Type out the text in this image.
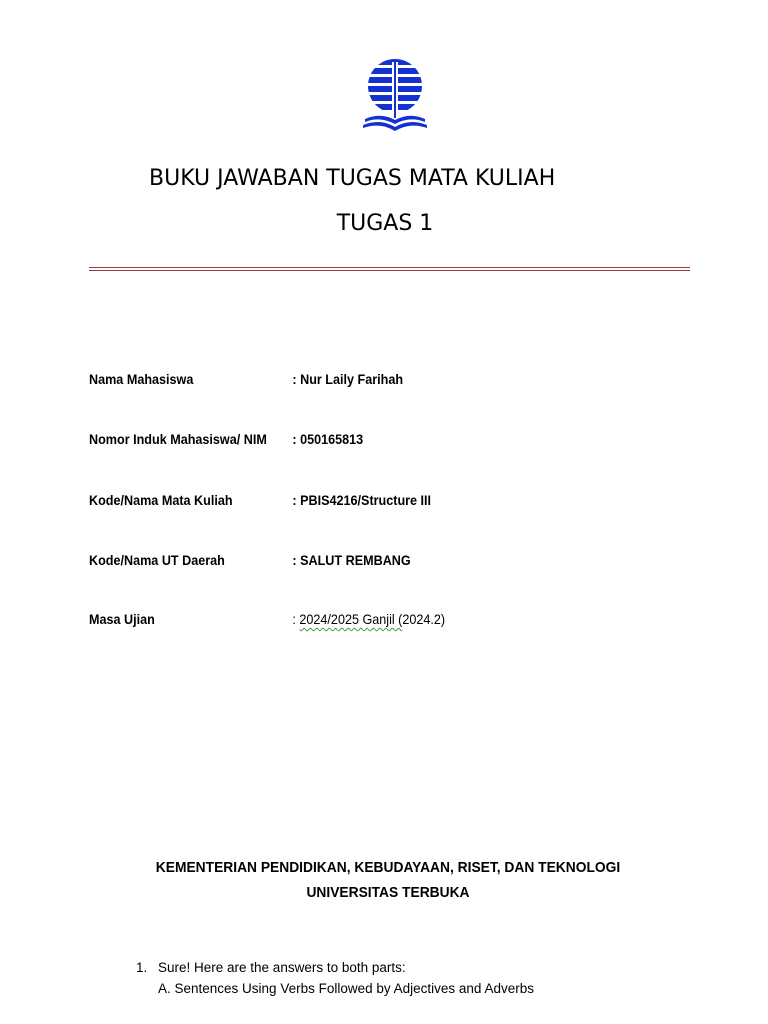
BUKU JAWABAN TUGAS MATA KULIAH
TUGAS 1
Nama Mahasiswa	: Nur Laily Farihah
Nomor Induk Mahasiswa/ NIM : 050165813
Kode/Nama Mata Kuliah	: PBIS4216/Structure III
Kode/Nama UT Daerah	: SALUT REMBANG
Masa Ujian	: 2024/2025 Ganjil (2024.2)
KEMENTERIAN PENDIDIKAN, KEBUDAYAAN, RISET, DAN TEKNOLOGI
UNIVERSITAS TERBUKA
1. Sure! Here are the answers to both parts:
A. Sentences Using Verbs Followed by Adjectives and Adverbs
